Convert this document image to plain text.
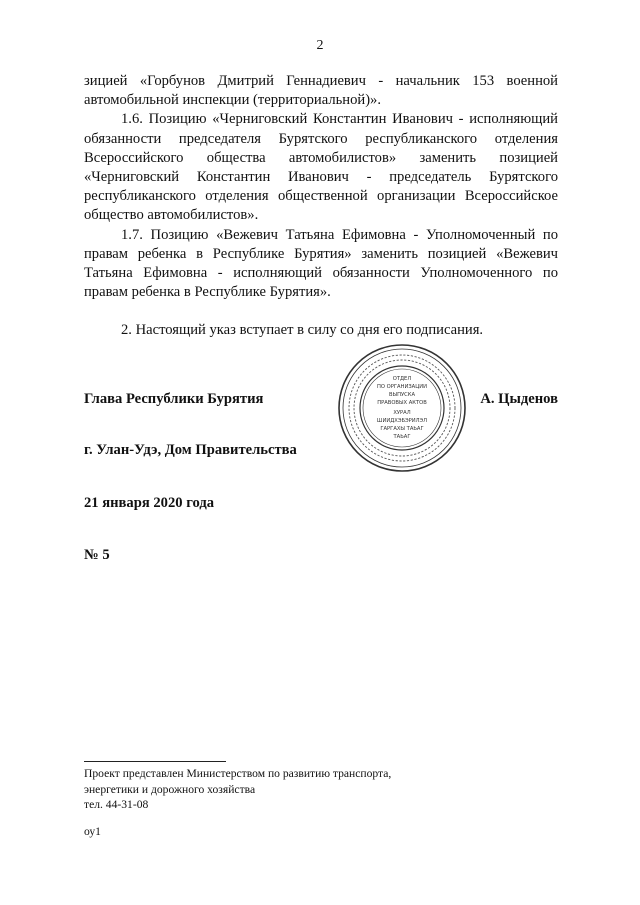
2

зицией «Горбунов Дмитрий Геннадиевич - начальник 153 военной автомобильной инспекции (территориальной)».

1.6. Позицию «Черниговский Константин Иванович - исполняющий обязанности председателя Бурятского республиканского отделения Всероссийского общества автомобилистов» заменить позицией «Черниговский Константин Иванович - председатель Бурятского республиканского отделения общественной организации Всероссийское общество автомобилистов».

1.7. Позицию «Вежевич Татьяна Ефимовна - Уполномоченный по правам ребенка в Республике Бурятия» заменить позицией «Вежевич Татьяна Ефимовна - исполняющий обязанности Уполномоченного по правам ребенка в Республике Бурятия».

2. Настоящий указ вступает в силу со дня его подписания.

Глава Республики Бурятия
ОТДЕЛ
ПО ОРГАНИЗАЦИИ
ВЫПУСКА
ПРАВОВЫХ АКТОВ
ХУРАЛ
ШИИДХЭБЭРИЛЭЛ
ГАРГАХЫ ТАЬАГ
ТАЬАГ
А. Цыденов
г. Улан-Удэ, Дом Правительства
21 января 2020 года
№ 5
Проект представлен Министерством по развитию транспорта,
энергетики и дорожного хозяйства
тел. 44-31-08
оу1
